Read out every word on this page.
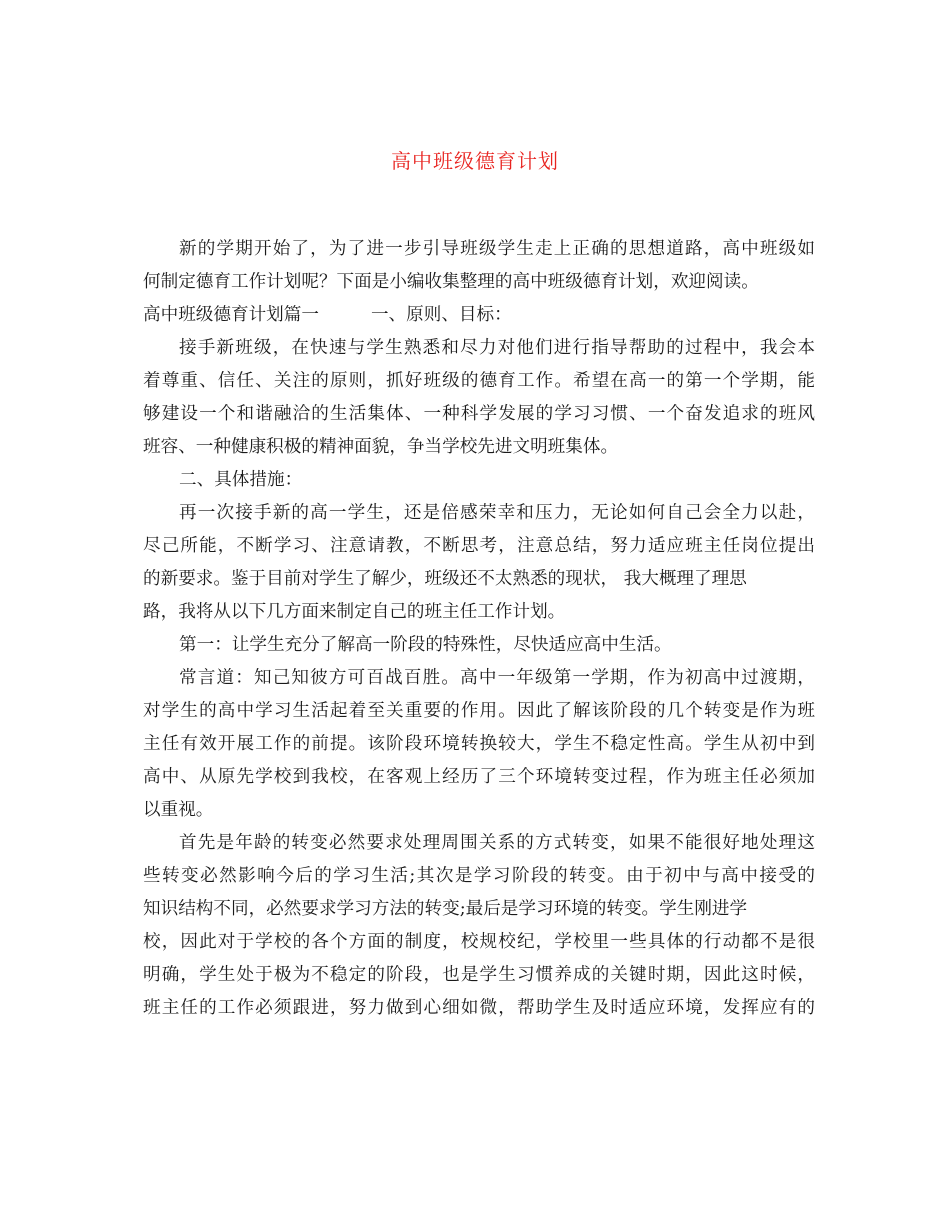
高中班级德育计划
新的学期开始了，为了进一步引导班级学生走上正确的思想道路，高中班级如
何制定德育工作计划呢？下面是小编收集整理的高中班级德育计划，欢迎阅读。
高中班级德育计划篇一	一、原则、目标：
接手新班级，在快速与学生熟悉和尽力对他们进行指导帮助的过程中，我会本
着尊重、信任、关注的原则，抓好班级的德育工作。希望在高一的第一个学期，能
够建设一个和谐融洽的生活集体、一种科学发展的学习习惯、一个奋发追求的班风
班容、一种健康积极的精神面貌，争当学校先进文明班集体。
二、具体措施：
再一次接手新的高一学生，还是倍感荣幸和压力，无论如何自己会全力以赴，
尽己所能，不断学习、注意请教，不断思考，注意总结，努力适应班主任岗位提出
的新要求。鉴于目前对学生了解少，班级还不太熟悉的现状， 我大概理了理思
路，我将从以下几方面来制定自己的班主任工作计划。
第一：让学生充分了解高一阶段的特殊性，尽快适应高中生活。
常言道：知己知彼方可百战百胜。高中一年级第一学期，作为初高中过渡期，
对学生的高中学习生活起着至关重要的作用。因此了解该阶段的几个转变是作为班
主任有效开展工作的前提。该阶段环境转换较大，学生不稳定性高。学生从初中到
高中、从原先学校到我校，在客观上经历了三个环境转变过程，作为班主任必须加
以重视。
首先是年龄的转变必然要求处理周围关系的方式转变，如果不能很好地处理这
些转变必然影响今后的学习生活;其次是学习阶段的转变。由于初中与高中接受的
知识结构不同，必然要求学习方法的转变;最后是学习环境的转变。学生刚进学
校，因此对于学校的各个方面的制度，校规校纪，学校里一些具体的行动都不是很
明确，学生处于极为不稳定的阶段，也是学生习惯养成的关键时期，因此这时候，
班主任的工作必须跟进，努力做到心细如微，帮助学生及时适应环境，发挥应有的
